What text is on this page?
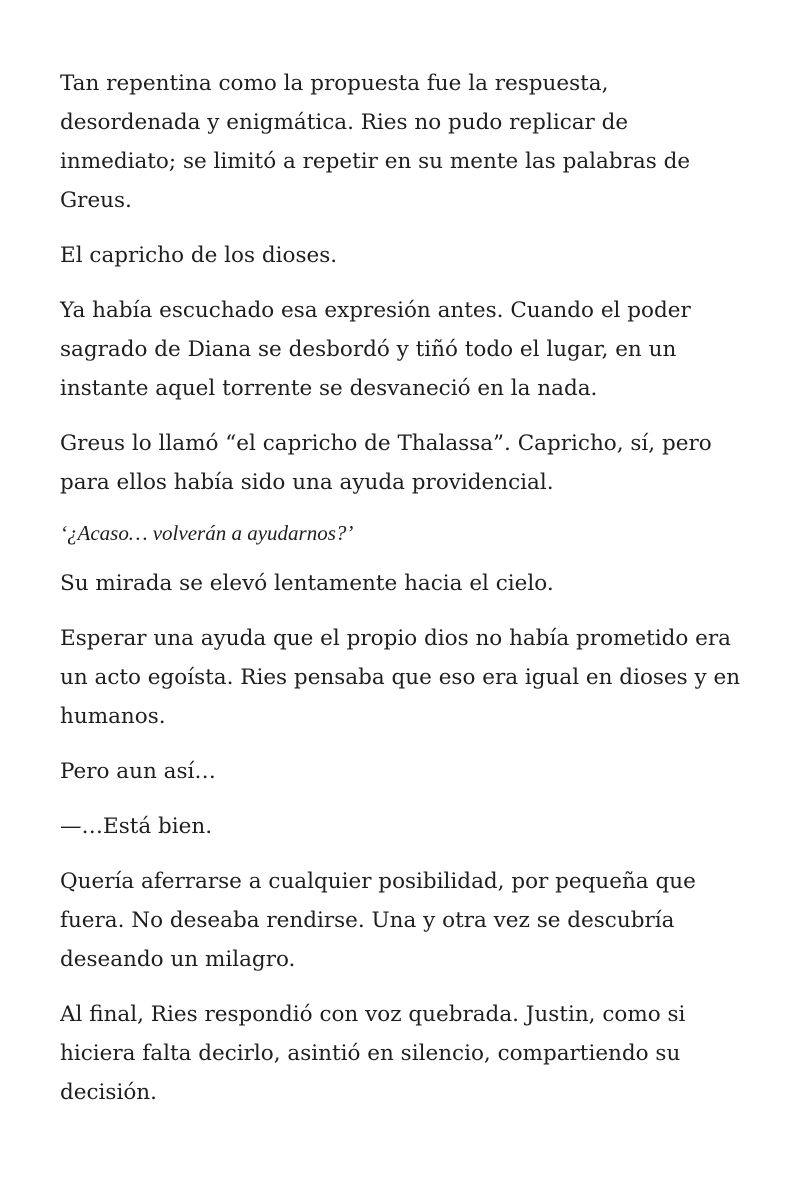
Tan repentina como la propuesta fue la respuesta, desordenada y enigmática. Ries no pudo replicar de inmediato; se limitó a repetir en su mente las palabras de Greus.

El capricho de los dioses.

Ya había escuchado esa expresión antes. Cuando el poder sagrado de Diana se desbordó y tiñó todo el lugar, en un instante aquel torrente se desvaneció en la nada.

Greus lo llamó “el capricho de Thalassa”. Capricho, sí, pero para ellos había sido una ayuda providencial.

‘¿Acaso… volverán a ayudarnos?’

Su mirada se elevó lentamente hacia el cielo.

Esperar una ayuda que el propio dios no había prometido era un acto egoísta. Ries pensaba que eso era igual en dioses y en humanos.

Pero aun así…

—…Está bien.

Quería aferrarse a cualquier posibilidad, por pequeña que fuera. No deseaba rendirse. Una y otra vez se descubría deseando un milagro.

Al final, Ries respondió con voz quebrada. Justin, como si hiciera falta decirlo, asintió en silencio, compartiendo su decisión.
